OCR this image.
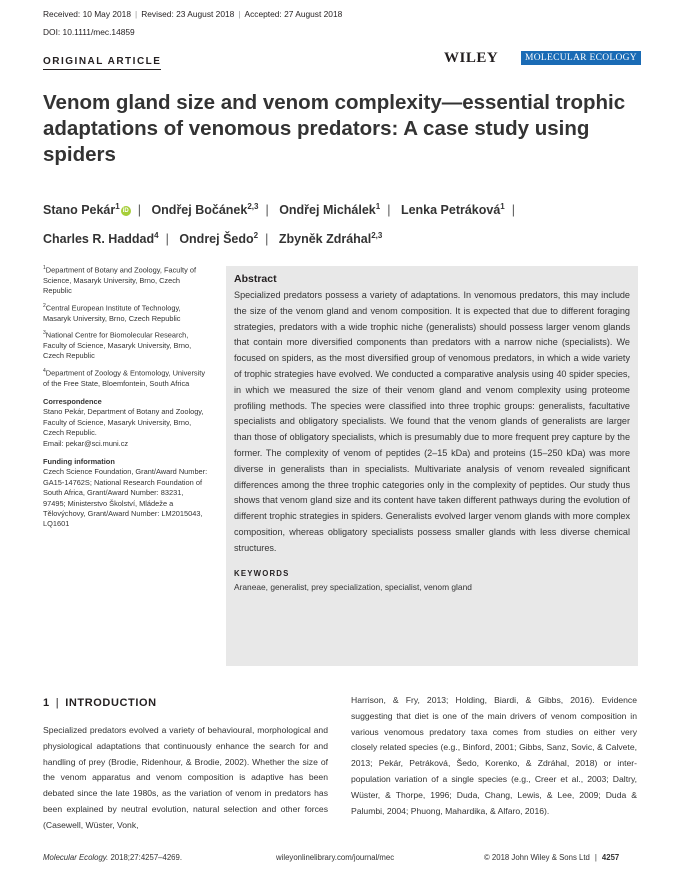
Received: 10 May 2018 | Revised: 23 August 2018 | Accepted: 27 August 2018
DOI: 10.1111/mec.14859
ORIGINAL ARTICLE	WILEY	MOLECULAR ECOLOGY
Venom gland size and venom complexity—essential trophic adaptations of venomous predators: A case study using spiders
Stano Pekár$^1$iD | Ondřej Bočánek$^{2,3}$ | Ondřej Michálek$^1$ | Lenka Petráková$^1$ |
Charles R. Haddad$^4$ | Ondrej Šedo$^2$ | Zbyněk Zdráhal$^{2,3}$
$^1$Department of Botany and Zoology, Faculty of Science, Masaryk University, Brno, Czech Republic
$^2$Central European Institute of Technology, Masaryk University, Brno, Czech Republic
$^3$National Centre for Biomolecular Research, Faculty of Science, Masaryk University, Brno, Czech Republic
$^4$Department of Zoology & Entomology, University of the Free State, Bloemfontein, South Africa
Correspondence
Stano Pekár, Department of Botany and Zoology, Faculty of Science, Masaryk University, Brno, Czech Republic.
Email: pekar@sci.muni.cz
Funding information
Czech Science Foundation, Grant/Award Number: GA15-14762S; National Research Foundation of South Africa, Grant/Award Number: 83231, 97495; Ministerstvo Školství, Mládeže a Tělovýchovy, Grant/Award Number: LM2015043, LQ1601
Abstract
Specialized predators possess a variety of adaptations. In venomous predators, this may include the size of the venom gland and venom composition. It is expected that due to different foraging strategies, predators with a wide trophic niche (generalists) should possess larger venom glands that contain more diversified components than predators with a narrow niche (specialists). We focused on spiders, as the most diversified group of venomous predators, in which a wide variety of trophic strategies have evolved. We conducted a comparative analysis using 40 spider species, in which we measured the size of their venom gland and venom complexity using proteome profiling methods. The species were classified into three trophic groups: generalists, facultative specialists and obligatory specialists. We found that the venom glands of generalists are larger than those of obligatory specialists, which is presumably due to more frequent prey capture by the former. The complexity of venom of peptides (2–15 kDa) and proteins (15–250 kDa) was more diverse in generalists than in specialists. Multivariate analysis of venom revealed significant differences among the three trophic categories only in the complexity of peptides. Our study thus shows that venom gland size and its content have taken different pathways during the evolution of different trophic strategies in spiders. Generalists evolved larger venom glands with more complex composition, whereas obligatory specialists possess smaller glands with less diverse chemical structures.
KEYWORDS
Araneae, generalist, prey specialization, specialist, venom gland
1 | INTRODUCTION
Specialized predators evolved a variety of behavioural, morphological and physiological adaptations that continuously enhance the search for and handling of prey (Brodie, Ridenhour, & Brodie, 2002). Whether the size of the venom apparatus and venom composition is adaptive has been debated since the late 1980s, as the variation of venom in predators has been explained by neutral evolution, natural selection and other forces (Casewell, Wüster, Vonk,
Harrison, & Fry, 2013; Holding, Biardi, & Gibbs, 2016). Evidence suggesting that diet is one of the main drivers of venom composition in various venomous predatory taxa comes from studies on either very closely related species (e.g., Binford, 2001; Gibbs, Sanz, Sovic, & Calvete, 2013; Pekár, Petráková, Šedo, Korenko, & Zdráhal, 2018) or inter-population variation of a single species (e.g., Creer et al., 2003; Daltry, Wüster, & Thorpe, 1996; Duda, Chang, Lewis, & Lee, 2009; Duda & Palumbi, 2004; Phuong, Mahardika, & Alfaro, 2016).
Molecular Ecology. 2018;27:4257–4269.	wileyonlinelibrary.com/journal/mec	© 2018 John Wiley & Sons Ltd | 4257
